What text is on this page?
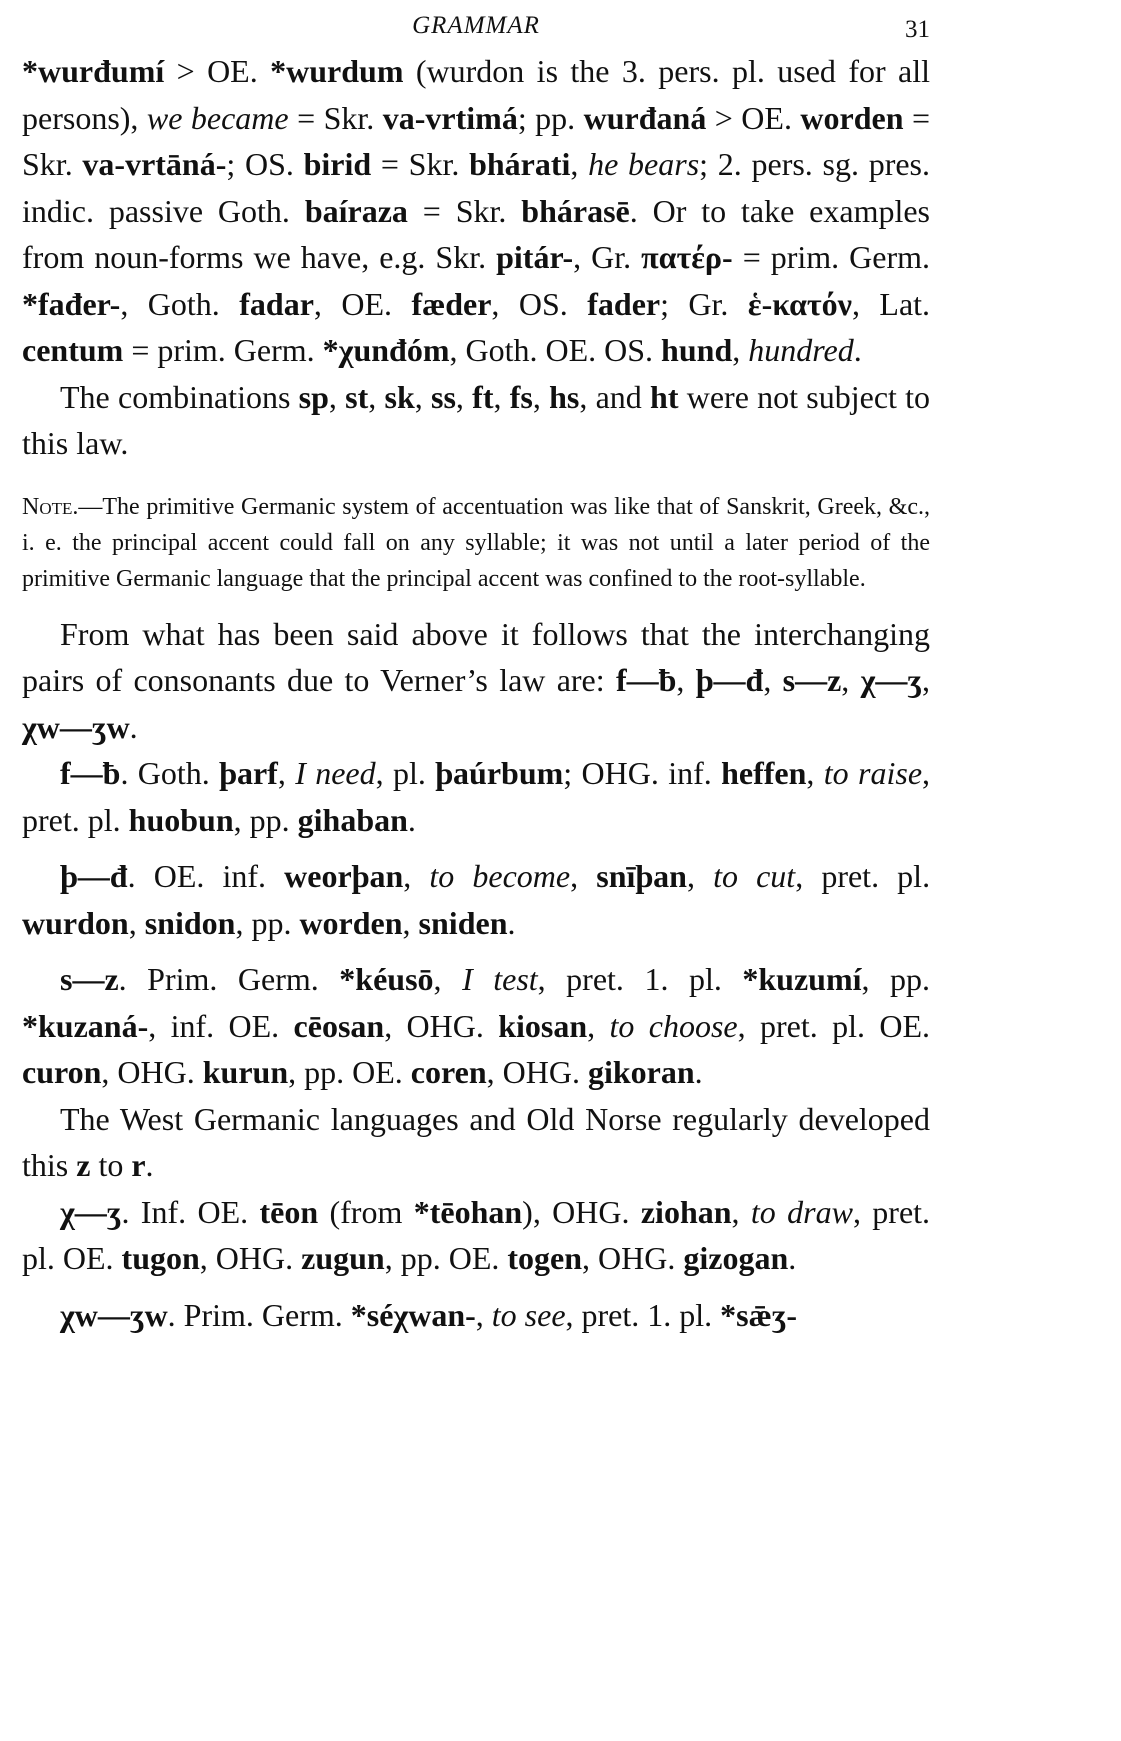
GRAMMAR	31

*wurđumí > OE. *wurdum (wurdon is the 3. pers. pl. used for all persons), we became = Skr. va-vrtimá; pp. wurđaná > OE. worden = Skr. va-vrtāná-; OS. birid = Skr. bhárati, he bears; 2. pers. sg. pres. indic. passive Goth. baíraza = Skr. bhárasē. Or to take examples from noun-forms we have, e.g. Skr. pitár-, Gr. πατέρ- = prim. Germ. *fađer-, Goth. fadar, OE. fæder, OS. fader; Gr. ἑ-κατόν, Lat. centum = prim. Germ. *χunđóm, Goth. OE. OS. hund, hundred.

The combinations sp, st, sk, ss, ft, fs, hs, and ht were not subject to this law.

Note.—The primitive Germanic system of accentuation was like that of Sanskrit, Greek, &c., i. e. the principal accent could fall on any syllable; it was not until a later period of the primitive Germanic language that the principal accent was confined to the root-syllable.

From what has been said above it follows that the interchanging pairs of consonants due to Verner’s law are: f—ƀ, þ—đ, s—z, χ—ʒ, χw—ʒw.

f—ƀ. Goth. þarf, I need, pl. þaúrbum; OHG. inf. heffen, to raise, pret. pl. huobun, pp. gihaban.

þ—đ. OE. inf. weorþan, to become, snīþan, to cut, pret. pl. wurdon, snidon, pp. worden, sniden.

s—z. Prim. Germ. *kéusō, I test, pret. 1. pl. *kuzumí, pp. *kuzaná-, inf. OE. cēosan, OHG. kiosan, to choose, pret. pl. OE. curon, OHG. kurun, pp. OE. coren, OHG. gikoran.

The West Germanic languages and Old Norse regularly developed this z to r.

χ—ʒ. Inf. OE. tēon (from *tēohan), OHG. ziohan, to draw, pret. pl. OE. tugon, OHG. zugun, pp. OE. togen, OHG. gizogan.

χw—ʒw. Prim. Germ. *séχwan-, to see, pret. 1. pl. *sǣʒ-
